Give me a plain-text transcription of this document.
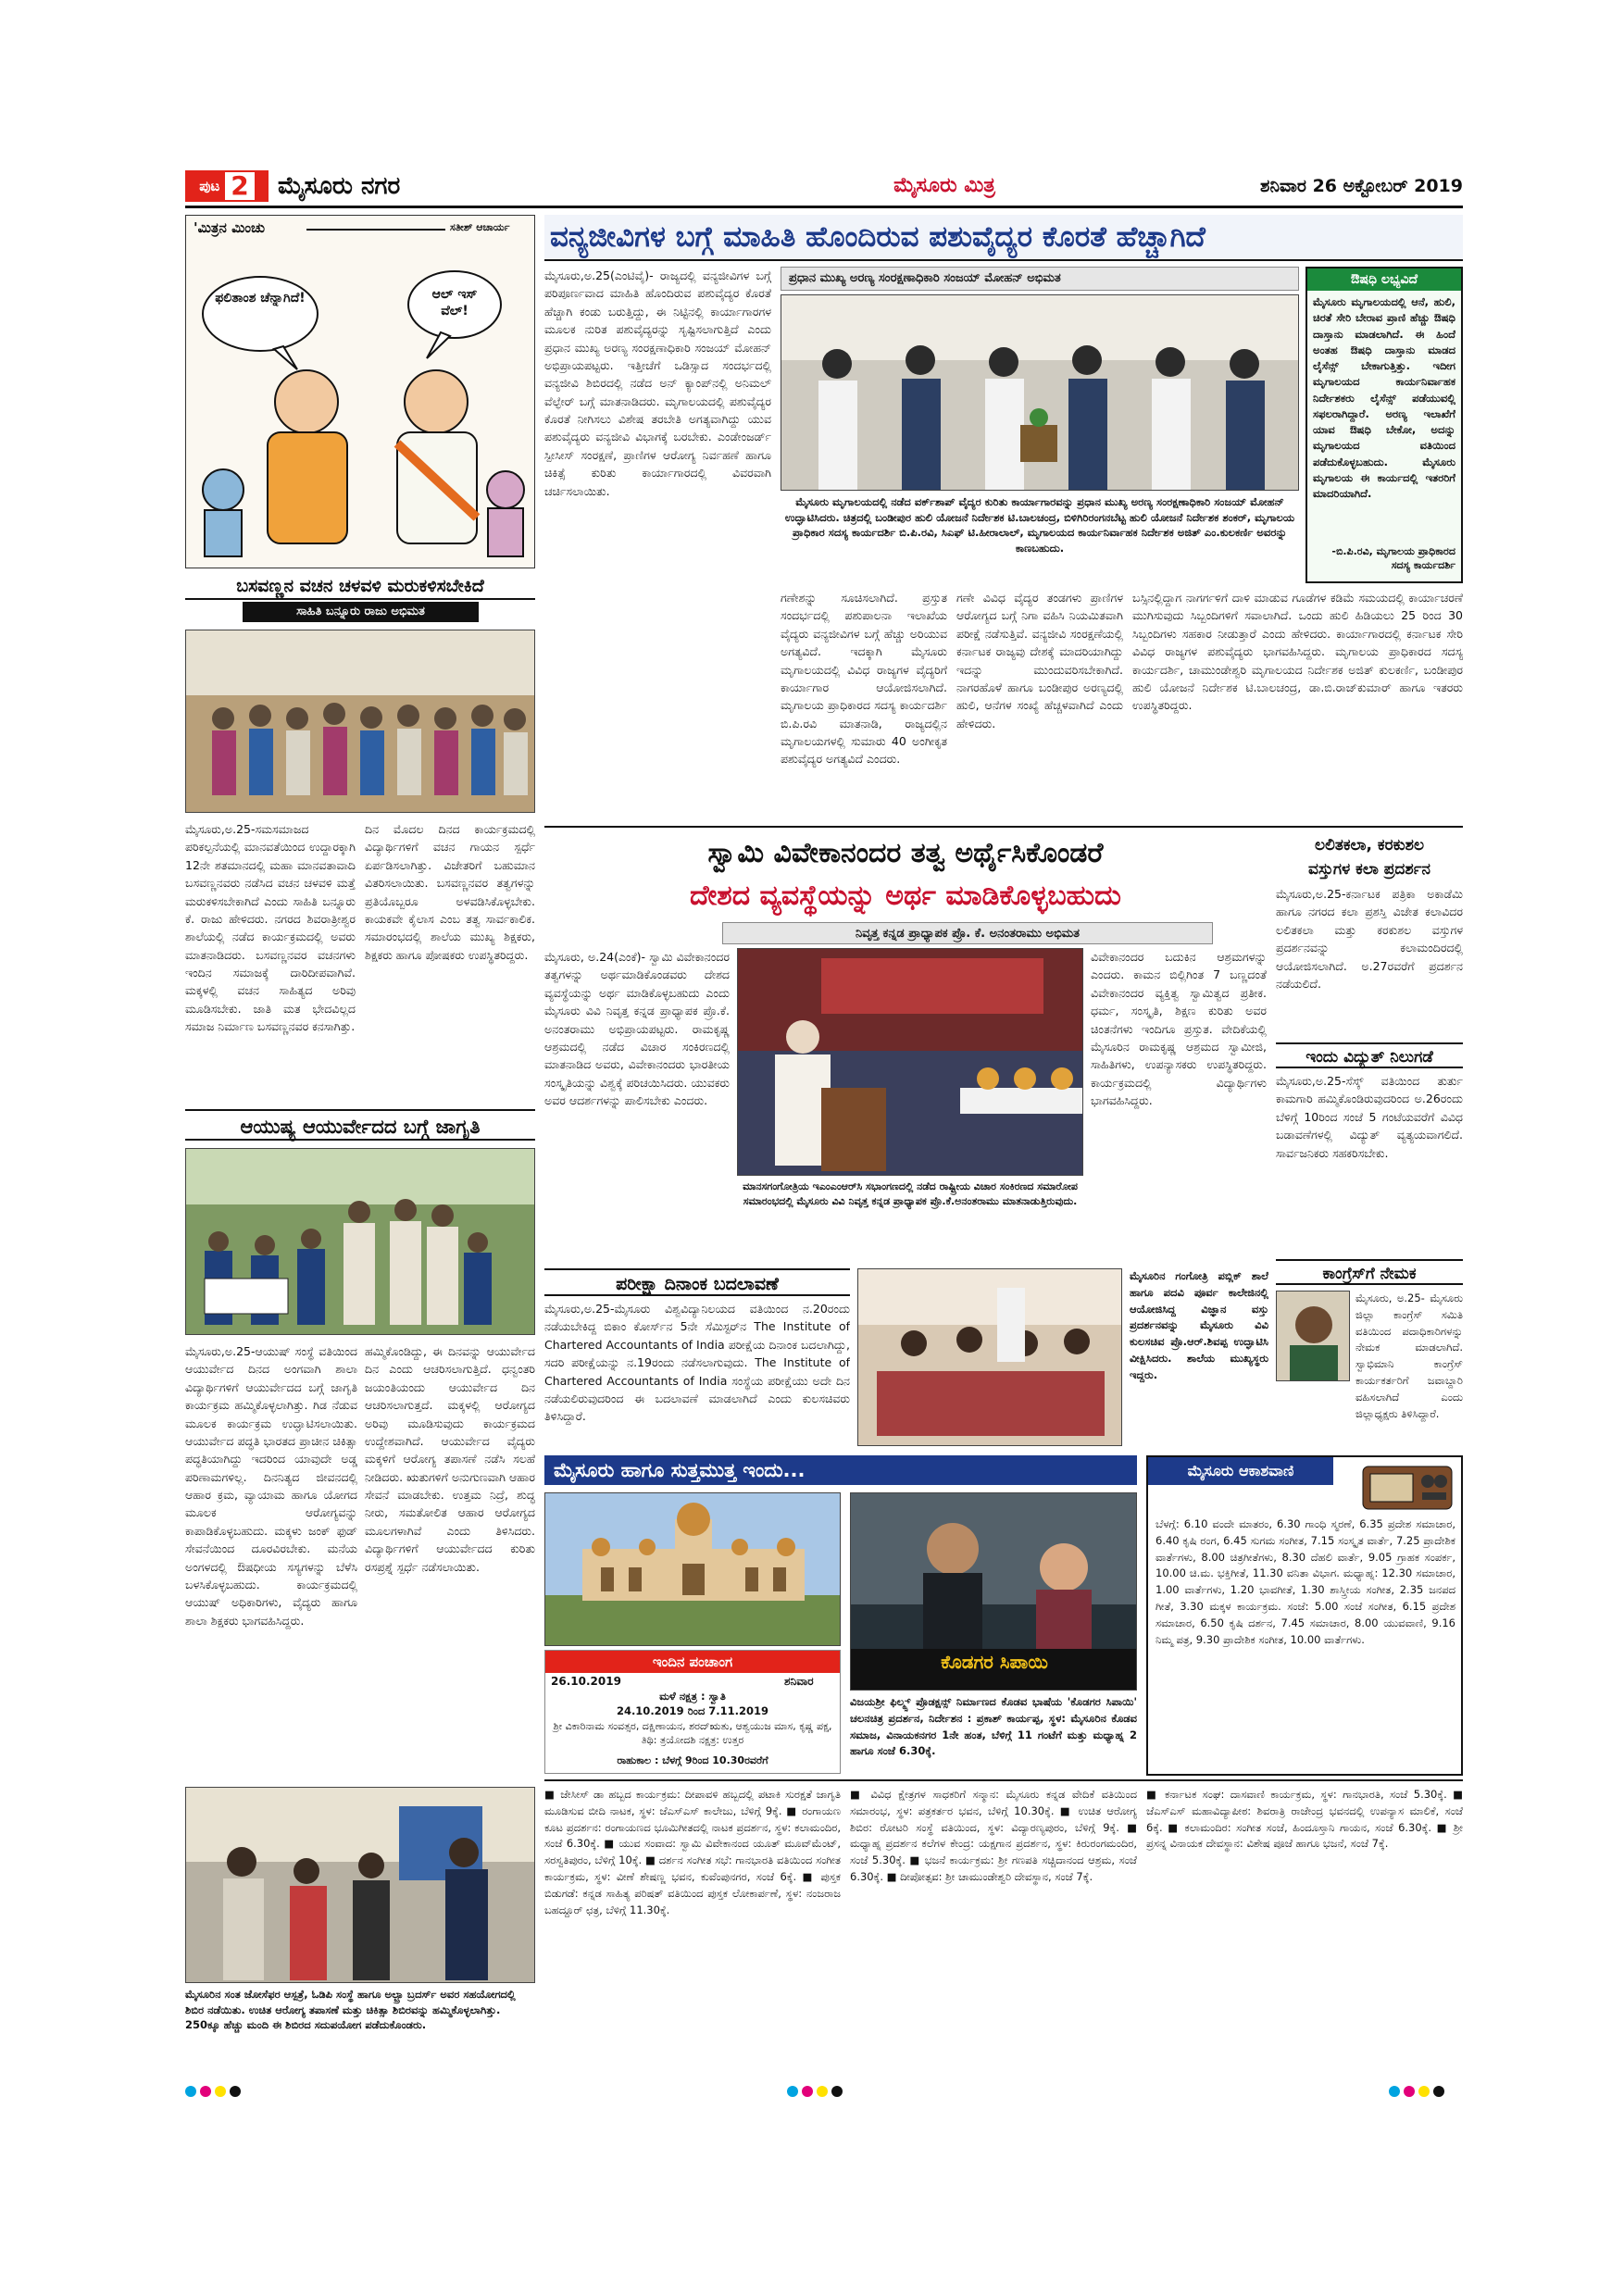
ಪುಟ 2 ಮೈಸೂರು ನಗರ	ಮೈಸೂರು ಮಿತ್ರ	ಶನಿವಾರ 26 ಅಕ್ಟೋಬರ್ 2019
'ಮಿತ್ರನ ಮಿಂಚು	ಸತೀಶ್ ಆಚಾರ್ಯ
ಫಲಿತಾಂಶ ಚೆನ್ನಾಗಿದೆ!	ಆಲ್ ಇಸ್ ವೆಲ್!
ಬಸವಣ್ಣನ ವಚನ ಚಳವಳಿ ಮರುಕಳಿಸಬೇಕಿದೆ
ಸಾಹಿತಿ ಬನ್ನೂರು ರಾಜು ಅಭಿಮತ
ಮೈಸೂರು,ಅ.25-ಸಮಸಮಾಜದ ಪರಿಕಲ್ಪನೆಯಲ್ಲಿ ಮಾನವತೆಯಿಂದ ಉದ್ದಾರಕ್ಕಾಗಿ 12ನೇ ಶತಮಾನದಲ್ಲಿ ಮಹಾ ಮಾನವತಾವಾದಿ ಬಸವಣ್ಣನವರು ನಡೆಸಿದ ವಚನ ಚಳವಳಿ ಮತ್ತೆ ಮರುಕಳಿಸಬೇಕಾಗಿದೆ ಎಂದು ಸಾಹಿತಿ ಬನ್ನೂರು ಕೆ. ರಾಜು ಹೇಳಿದರು. ನಗರದ ಶಿವರಾತ್ರೀಶ್ವರ ಶಾಲೆಯಲ್ಲಿ ನಡೆದ ಕಾರ್ಯಕ್ರಮದಲ್ಲಿ ಅವರು ಮಾತನಾಡಿದರು. ಬಸವಣ್ಣನವರ ವಚನಗಳು ಇಂದಿನ ಸಮಾಜಕ್ಕೆ ದಾರಿದೀಪವಾಗಿವೆ. ಮಕ್ಕಳಲ್ಲಿ ವಚನ ಸಾಹಿತ್ಯದ ಅರಿವು ಮೂಡಿಸಬೇಕು. ಜಾತಿ ಮತ ಭೇದವಿಲ್ಲದ ಸಮಾಜ ನಿರ್ಮಾಣ ಬಸವಣ್ಣನವರ ಕನಸಾಗಿತ್ತು.
ದಿನ ಮೊದಲ ದಿನದ ಕಾರ್ಯಕ್ರಮದಲ್ಲಿ ವಿದ್ಯಾರ್ಥಿಗಳಿಗೆ ವಚನ ಗಾಯನ ಸ್ಪರ್ಧೆ ಏರ್ಪಡಿಸಲಾಗಿತ್ತು. ವಿಜೇತರಿಗೆ ಬಹುಮಾನ ವಿತರಿಸಲಾಯಿತು. ಬಸವಣ್ಣನವರ ತತ್ವಗಳನ್ನು ಪ್ರತಿಯೊಬ್ಬರೂ ಅಳವಡಿಸಿಕೊಳ್ಳಬೇಕು. ಕಾಯಕವೇ ಕೈಲಾಸ ಎಂಬ ತತ್ವ ಸಾರ್ವಕಾಲಿಕ. ಸಮಾರಂಭದಲ್ಲಿ ಶಾಲೆಯ ಮುಖ್ಯ ಶಿಕ್ಷಕರು, ಶಿಕ್ಷಕರು ಹಾಗೂ ಪೋಷಕರು ಉಪಸ್ಥಿತರಿದ್ದರು.
ಆಯುಷ್ಯ ಆಯುರ್ವೇದದ ಬಗ್ಗೆ ಜಾಗೃತಿ
ಮೈಸೂರು,ಅ.25-ಆಯುಷ್ ಸಂಸ್ಥೆ ವತಿಯಿಂದ ಆಯುರ್ವೇದ ದಿನದ ಅಂಗವಾಗಿ ಶಾಲಾ ವಿದ್ಯಾರ್ಥಿಗಳಿಗೆ ಆಯುರ್ವೇದದ ಬಗ್ಗೆ ಜಾಗೃತಿ ಕಾರ್ಯಕ್ರಮ ಹಮ್ಮಿಕೊಳ್ಳಲಾಗಿತ್ತು. ಗಿಡ ನೆಡುವ ಮೂಲಕ ಕಾರ್ಯಕ್ರಮ ಉದ್ಘಾಟಿಸಲಾಯಿತು. ಆಯುರ್ವೇದ ಪದ್ಧತಿ ಭಾರತದ ಪ್ರಾಚೀನ ಚಿಕಿತ್ಸಾ ಪದ್ಧತಿಯಾಗಿದ್ದು ಇದರಿಂದ ಯಾವುದೇ ಅಡ್ಡ ಪರಿಣಾಮಗಳಿಲ್ಲ. ದಿನನಿತ್ಯದ ಜೀವನದಲ್ಲಿ ಆಹಾರ ಕ್ರಮ, ವ್ಯಾಯಾಮ ಹಾಗೂ ಯೋಗದ ಮೂಲಕ ಆರೋಗ್ಯವನ್ನು ಕಾಪಾಡಿಕೊಳ್ಳಬಹುದು. ಮಕ್ಕಳು ಜಂಕ್ ಫುಡ್ ಸೇವನೆಯಿಂದ ದೂರವಿರಬೇಕು. ಮನೆಯ ಅಂಗಳದಲ್ಲಿ ಔಷಧೀಯ ಸಸ್ಯಗಳನ್ನು ಬೆಳೆಸಿ ಬಳಸಿಕೊಳ್ಳಬಹುದು. ಕಾರ್ಯಕ್ರಮದಲ್ಲಿ ಆಯುಷ್ ಅಧಿಕಾರಿಗಳು, ವೈದ್ಯರು ಹಾಗೂ ಶಾಲಾ ಶಿಕ್ಷಕರು ಭಾಗವಹಿಸಿದ್ದರು.
ಹಮ್ಮಿಕೊಂಡಿದ್ದು, ಈ ದಿನವನ್ನು ಆಯುರ್ವೇದ ದಿನ ಎಂದು ಆಚರಿಸಲಾಗುತ್ತಿದೆ. ಧನ್ವಂತರಿ ಜಯಂತಿಯಂದು ಆಯುರ್ವೇದ ದಿನ ಆಚರಿಸಲಾಗುತ್ತದೆ. ಮಕ್ಕಳಲ್ಲಿ ಆರೋಗ್ಯದ ಅರಿವು ಮೂಡಿಸುವುದು ಕಾರ್ಯಕ್ರಮದ ಉದ್ದೇಶವಾಗಿದೆ. ಆಯುರ್ವೇದ ವೈದ್ಯರು ಮಕ್ಕಳಿಗೆ ಆರೋಗ್ಯ ತಪಾಸಣೆ ನಡೆಸಿ ಸಲಹೆ ನೀಡಿದರು. ಋತುಗಳಿಗೆ ಅನುಗುಣವಾಗಿ ಆಹಾರ ಸೇವನೆ ಮಾಡಬೇಕು. ಉತ್ತಮ ನಿದ್ರೆ, ಶುದ್ಧ ನೀರು, ಸಮತೋಲಿತ ಆಹಾರ ಆರೋಗ್ಯದ ಮೂಲಗಳಾಗಿವೆ ಎಂದು ತಿಳಿಸಿದರು. ವಿದ್ಯಾರ್ಥಿಗಳಿಗೆ ಆಯುರ್ವೇದದ ಕುರಿತು ರಸಪ್ರಶ್ನೆ ಸ್ಪರ್ಧೆ ನಡೆಸಲಾಯಿತು.
ಮೈಸೂರಿನ ಸಂತ ಜೋಸೆಫರ ಆಸ್ಪತ್ರೆ, ಓಡಿಪಿ ಸಂಸ್ಥೆ ಹಾಗೂ ಅಲ್ಟ್ರಾ ಬ್ರದರ್ಸ್ ಅವರ ಸಹಯೋಗದಲ್ಲಿ ಶಿಬಿರ ನಡೆಯಿತು. ಉಚಿತ ಆರೋಗ್ಯ ತಪಾಸಣೆ ಮತ್ತು ಚಿಕಿತ್ಸಾ ಶಿಬಿರವನ್ನು ಹಮ್ಮಿಕೊಳ್ಳಲಾಗಿತ್ತು. 250ಕ್ಕೂ ಹೆಚ್ಚು ಮಂದಿ ಈ ಶಿಬಿರದ ಸದುಪಯೋಗ ಪಡೆದುಕೊಂಡರು.
ವನ್ಯಜೀವಿಗಳ ಬಗ್ಗೆ ಮಾಹಿತಿ ಹೊಂದಿರುವ ಪಶುವೈದ್ಯರ ಕೊರತೆ ಹೆಚ್ಚಾಗಿದೆ
ಮೈಸೂರು,ಅ.25(ಎಂಟಿವೈ)- ರಾಜ್ಯದಲ್ಲಿ ವನ್ಯಜೀವಿಗಳ ಬಗ್ಗೆ ಪರಿಪೂರ್ಣವಾದ ಮಾಹಿತಿ ಹೊಂದಿರುವ ಪಶುವೈದ್ಯರ ಕೊರತೆ ಹೆಚ್ಚಾಗಿ ಕಂಡು ಬರುತ್ತಿದ್ದು, ಈ ನಿಟ್ಟಿನಲ್ಲಿ ಕಾರ್ಯಾಗಾರಗಳ ಮೂಲಕ ನುರಿತ ಪಶುವೈದ್ಯರನ್ನು ಸೃಷ್ಟಿಸಲಾಗುತ್ತಿದೆ ಎಂದು ಪ್ರಧಾನ ಮುಖ್ಯ ಅರಣ್ಯ ಸಂರಕ್ಷಣಾಧಿಕಾರಿ ಸಂಜಯ್ ಮೋಹನ್ ಅಭಿಪ್ರಾಯಪಟ್ಟರು. ಇತ್ತೀಚೆಗೆ ಒಡಿಸ್ಸಾದ ಸಂದರ್ಭದಲ್ಲಿ ವನ್ಯಜೀವಿ ಶಿಬಿರದಲ್ಲಿ ನಡೆದ ಅನ್ ಕ್ಯಾಂಪ್‌ನಲ್ಲಿ ಅನಿಮಲ್ ವೆಲ್ಫೇರ್ ಬಗ್ಗೆ ಮಾತನಾಡಿದರು. ಮೃಗಾಲಯದಲ್ಲಿ ಪಶುವೈದ್ಯರ ಕೊರತೆ ನೀಗಿಸಲು ವಿಶೇಷ ತರಬೇತಿ ಅಗತ್ಯವಾಗಿದ್ದು ಯುವ ಪಶುವೈದ್ಯರು ವನ್ಯಜೀವಿ ವಿಭಾಗಕ್ಕೆ ಬರಬೇಕು. ಎಂಡೇಂಜರ್ಡ್ ಸ್ಪೀಸೀಸ್ ಸಂರಕ್ಷಣೆ, ಪ್ರಾಣಿಗಳ ಆರೋಗ್ಯ ನಿರ್ವಹಣೆ ಹಾಗೂ ಚಿಕಿತ್ಸೆ ಕುರಿತು ಕಾರ್ಯಾಗಾರದಲ್ಲಿ ವಿವರವಾಗಿ ಚರ್ಚಿಸಲಾಯಿತು.
ಪ್ರಧಾನ ಮುಖ್ಯ ಅರಣ್ಯ ಸಂರಕ್ಷಣಾಧಿಕಾರಿ ಸಂಜಯ್ ಮೋಹನ್ ಅಭಿಮತ
ಮೈಸೂರು ಮೃಗಾಲಯದಲ್ಲಿ ನಡೆದ ವರ್ಕ್‌ಶಾಪ್ ವೈದ್ಯರ ಕುರಿತು ಕಾರ್ಯಾಗಾರವನ್ನು ಪ್ರಧಾನ ಮುಖ್ಯ ಅರಣ್ಯ ಸಂರಕ್ಷಣಾಧಿಕಾರಿ ಸಂಜಯ್ ಮೋಹನ್ ಉದ್ಘಾಟಿಸಿದರು. ಚಿತ್ರದಲ್ಲಿ ಬಂಡೀಪುರ ಹುಲಿ ಯೋಜನೆ ನಿರ್ದೇಶಕ ಟಿ.ಬಾಲಚಂದ್ರ, ಬಿಳಿಗಿರಿರಂಗನಬೆಟ್ಟ ಹುಲಿ ಯೋಜನೆ ನಿರ್ದೇಶಕ ಶಂಕರ್, ಮೃಗಾಲಯ ಪ್ರಾಧಿಕಾರ ಸದಸ್ಯ ಕಾರ್ಯದರ್ಶಿ ಬಿ.ಪಿ.ರವಿ, ಸಿಎಫ್ ಟಿ.ಹೀರಾಲಾಲ್, ಮೃಗಾಲಯದ ಕಾರ್ಯನಿರ್ವಾಹಕ ನಿರ್ದೇಶಕ ಅಜಿತ್ ಎಂ.ಕುಲಕರ್ಣಿ ಅವರನ್ನು ಕಾಣಬಹುದು.
ಔಷಧಿ ಲಭ್ಯವಿದೆ
ಮೈಸೂರು ಮೃಗಾಲಯದಲ್ಲಿ ಆನೆ, ಹುಲಿ, ಚಿರತೆ ಸೇರಿ ಬೇರಾವ ಪ್ರಾಣಿ ಹೆಚ್ಚು ಔಷಧಿ ದಾಸ್ತಾನು ಮಾಡಲಾಗಿದೆ. ಈ ಹಿಂದೆ ಅಂತಹ ಔಷಧಿ ದಾಸ್ತಾನು ಮಾಡದ ಲೈಸೆನ್ಸ್ ಬೇಕಾಗುತ್ತಿತ್ತು. ಇದೀಗ ಮೃಗಾಲಯದ ಕಾರ್ಯನಿರ್ವಾಹಕ ನಿರ್ದೇಶಕರು ಲೈಸೆನ್ಸ್ ಪಡೆಯುವಲ್ಲಿ ಸಫಲರಾಗಿದ್ದಾರೆ. ಅರಣ್ಯ ಇಲಾಖೆಗೆ ಯಾವ ಔಷಧಿ ಬೇಕೋ, ಅದನ್ನು ಮೃಗಾಲಯದ ವತಿಯಿಂದ ಪಡೆದುಕೊಳ್ಳಬಹುದು. ಮೈಸೂರು ಮೃಗಾಲಯ ಈ ಕಾರ್ಯದಲ್ಲಿ ಇತರರಿಗೆ ಮಾದರಿಯಾಗಿದೆ.
-ಬಿ.ಪಿ.ರವಿ, ಮೃಗಾಲಯ ಪ್ರಾಧಿಕಾರದ ಸದಸ್ಯ ಕಾರ್ಯದರ್ಶಿ
ಗಣೇಶನ್ನು ಸೂಚಿಸಲಾಗಿದೆ. ಪ್ರಸ್ತುತ ಸಂದರ್ಭದಲ್ಲಿ ಪಶುಪಾಲನಾ ಇಲಾಖೆಯ ವೈದ್ಯರು ವನ್ಯಜೀವಿಗಳ ಬಗ್ಗೆ ಹೆಚ್ಚು ಅರಿಯುವ ಅಗತ್ಯವಿದೆ. ಇದಕ್ಕಾಗಿ ಮೈಸೂರು ಮೃಗಾಲಯದಲ್ಲಿ ವಿವಿಧ ರಾಜ್ಯಗಳ ವೈದ್ಯರಿಗೆ ಕಾರ್ಯಾಗಾರ ಆಯೋಜಿಸಲಾಗಿದೆ. ಮೃಗಾಲಯ ಪ್ರಾಧಿಕಾರದ ಸದಸ್ಯ ಕಾರ್ಯದರ್ಶಿ ಬಿ.ಪಿ.ರವಿ ಮಾತನಾಡಿ, ರಾಜ್ಯದಲ್ಲಿನ ಮೃಗಾಲಯಗಳಲ್ಲಿ ಸುಮಾರು 40 ಅಂಗೀಕೃತ ಪಶುವೈದ್ಯರ ಅಗತ್ಯವಿದೆ ಎಂದರು.
ಗಣೇ ವಿವಿಧ ವೈದ್ಯರ ತಂಡಗಳು ಪ್ರಾಣಿಗಳ ಆರೋಗ್ಯದ ಬಗ್ಗೆ ನಿಗಾ ವಹಿಸಿ ನಿಯಮಿತವಾಗಿ ಪರೀಕ್ಷೆ ನಡೆಸುತ್ತಿವೆ. ವನ್ಯಜೀವಿ ಸಂರಕ್ಷಣೆಯಲ್ಲಿ ಕರ್ನಾಟಕ ರಾಜ್ಯವು ದೇಶಕ್ಕೆ ಮಾದರಿಯಾಗಿದ್ದು ಇದನ್ನು ಮುಂದುವರಿಸಬೇಕಾಗಿದೆ. ನಾಗರಹೊಳೆ ಹಾಗೂ ಬಂಡೀಪುರ ಅರಣ್ಯದಲ್ಲಿ ಹುಲಿ, ಆನೆಗಳ ಸಂಖ್ಯೆ ಹೆಚ್ಚಳವಾಗಿದೆ ಎಂದು ಹೇಳಿದರು.
ಬಸ್ಸಿನಲ್ಲಿದ್ದಾಗ ನಾಗರ್ಗಳಿಗೆ ದಾಳಿ ಮಾಡುವ ಗೂಡೆಗಳ ಕಡಿಮೆ ಸಮಯದಲ್ಲಿ ಕಾರ್ಯಾಚರಣೆ ಮುಗಿಸುವುದು ಸಿಬ್ಬಂದಿಗಳಿಗೆ ಸವಾಲಾಗಿದೆ. ಒಂದು ಹುಲಿ ಹಿಡಿಯಲು 25 ರಿಂದ 30 ಸಿಬ್ಬಂದಿಗಳು ಸಹಕಾರ ನೀಡುತ್ತಾರೆ ಎಂದು ಹೇಳಿದರು. ಕಾರ್ಯಾಗಾರದಲ್ಲಿ ಕರ್ನಾಟಕ ಸೇರಿ ವಿವಿಧ ರಾಜ್ಯಗಳ ಪಶುವೈದ್ಯರು ಭಾಗವಹಿಸಿದ್ದರು. ಮೃಗಾಲಯ ಪ್ರಾಧಿಕಾರದ ಸದಸ್ಯ ಕಾರ್ಯದರ್ಶಿ, ಚಾಮುಂಡೇಶ್ವರಿ ಮೃಗಾಲಯದ ನಿರ್ದೇಶಕ ಅಜಿತ್ ಕುಲಕರ್ಣಿ, ಬಂಡೀಪುರ ಹುಲಿ ಯೋಜನೆ ನಿರ್ದೇಶಕ ಟಿ.ಬಾಲಚಂದ್ರ, ಡಾ.ಬಿ.ರಾಜ್‌ಕುಮಾರ್ ಹಾಗೂ ಇತರರು ಉಪಸ್ಥಿತರಿದ್ದರು.
ಸ್ವಾಮಿ ವಿವೇಕಾನಂದರ ತತ್ವ ಅರ್ಥೈಸಿಕೊಂಡರೆ
ದೇಶದ ವ್ಯವಸ್ಥೆಯನ್ನು ಅರ್ಥ ಮಾಡಿಕೊಳ್ಳಬಹುದು
ನಿವೃತ್ತ ಕನ್ನಡ ಪ್ರಾಧ್ಯಾಪಕ ಪ್ರೊ. ಕೆ. ಅನಂತರಾಮು ಅಭಿಮತ
ಮೈಸೂರು, ಅ.24(ಎಂಕೆ)- ಸ್ವಾಮಿ ವಿವೇಕಾನಂದರ ತತ್ವಗಳನ್ನು ಅರ್ಥಮಾಡಿಕೊಂಡವರು ದೇಶದ ವ್ಯವಸ್ಥೆಯನ್ನು ಅರ್ಥ ಮಾಡಿಕೊಳ್ಳಬಹುದು ಎಂದು ಮೈಸೂರು ವಿವಿ ನಿವೃತ್ತ ಕನ್ನಡ ಪ್ರಾಧ್ಯಾಪಕ ಪ್ರೊ.ಕೆ. ಅನಂತರಾಮು ಅಭಿಪ್ರಾಯಪಟ್ಟರು. ರಾಮಕೃಷ್ಣ ಆಶ್ರಮದಲ್ಲಿ ನಡೆದ ವಿಚಾರ ಸಂಕಿರಣದಲ್ಲಿ ಮಾತನಾಡಿದ ಅವರು, ವಿವೇಕಾನಂದರು ಭಾರತೀಯ ಸಂಸ್ಕೃತಿಯನ್ನು ವಿಶ್ವಕ್ಕೆ ಪರಿಚಯಿಸಿದರು. ಯುವಕರು ಅವರ ಆದರ್ಶಗಳನ್ನು ಪಾಲಿಸಬೇಕು ಎಂದರು.
ಮಾನಸಗಂಗೋತ್ರಿಯ ಇಎಂಎಂಆರ್‌ಸಿ ಸಭಾಂಗಣದಲ್ಲಿ ನಡೆದ ರಾಷ್ಟ್ರೀಯ ವಿಚಾರ ಸಂಕಿರಣದ ಸಮಾರೋಪ ಸಮಾರಂಭದಲ್ಲಿ ಮೈಸೂರು ವಿವಿ ನಿವೃತ್ತ ಕನ್ನಡ ಪ್ರಾಧ್ಯಾಪಕ ಪ್ರೊ.ಕೆ.ಅನಂತರಾಮು ಮಾತನಾಡುತ್ತಿರುವುದು.
ವಿವೇಕಾನಂದರ ಬದುಕಿನ ಆಶ್ರಮಗಳನ್ನು ಎಂದರು. ಕಾಮನ ಬಿಲ್ಲಿಗಿಂತ 7 ಬಣ್ಣದಂತೆ ವಿವೇಕಾನಂದರ ವ್ಯಕ್ತಿತ್ವ ಸ್ವಾಮಿತ್ವದ ಪ್ರತೀಕ. ಧರ್ಮ, ಸಂಸ್ಕೃತಿ, ಶಿಕ್ಷಣ ಕುರಿತು ಅವರ ಚಿಂತನೆಗಳು ಇಂದಿಗೂ ಪ್ರಸ್ತುತ. ವೇದಿಕೆಯಲ್ಲಿ ಮೈಸೂರಿನ ರಾಮಕೃಷ್ಣ ಆಶ್ರಮದ ಸ್ವಾಮೀಜಿ, ಸಾಹಿತಿಗಳು, ಉಪನ್ಯಾಸಕರು ಉಪಸ್ಥಿತರಿದ್ದರು. ಕಾರ್ಯಕ್ರಮದಲ್ಲಿ ವಿದ್ಯಾರ್ಥಿಗಳು ಭಾಗವಹಿಸಿದ್ದರು.
ಲಲಿತಕಲಾ, ಕರಕುಶಲ
ವಸ್ತುಗಳ ಕಲಾ ಪ್ರದರ್ಶನ
ಮೈಸೂರು,ಅ.25-ಕರ್ನಾಟಕ ಪತ್ರಿಕಾ ಅಕಾಡೆಮಿ ಹಾಗೂ ನಗರದ ಕಲಾ ಪ್ರಶಸ್ತಿ ವಿಜೇತ ಕಲಾವಿದರ ಲಲಿತಕಲಾ ಮತ್ತು ಕರಕುಶಲ ವಸ್ತುಗಳ ಪ್ರದರ್ಶನವನ್ನು ಕಲಾಮಂದಿರದಲ್ಲಿ ಆಯೋಜಿಸಲಾಗಿದೆ. ಅ.27ರವರೆಗೆ ಪ್ರದರ್ಶನ ನಡೆಯಲಿದೆ.
ಇಂದು ವಿದ್ಯುತ್ ನಿಲುಗಡೆ
ಮೈಸೂರು,ಅ.25-ಸೆಸ್ಕ್ ವತಿಯಿಂದ ತುರ್ತು ಕಾಮಗಾರಿ ಹಮ್ಮಿಕೊಂಡಿರುವುದರಿಂದ ಅ.26ರಂದು ಬೆಳಿಗ್ಗೆ 10ರಿಂದ ಸಂಜೆ 5 ಗಂಟೆಯವರೆಗೆ ವಿವಿಧ ಬಡಾವಣೆಗಳಲ್ಲಿ ವಿದ್ಯುತ್ ವ್ಯತ್ಯಯವಾಗಲಿದೆ. ಸಾರ್ವಜನಿಕರು ಸಹಕರಿಸಬೇಕು.
ಕಾಂಗ್ರೆಸ್‌ಗೆ ನೇಮಕ
ಮೈಸೂರು, ಅ.25- ಮೈಸೂರು ಜಿಲ್ಲಾ ಕಾಂಗ್ರೆಸ್ ಸಮಿತಿ ವತಿಯಿಂದ ಪದಾಧಿಕಾರಿಗಳನ್ನು ನೇಮಕ ಮಾಡಲಾಗಿದೆ. ಸ್ವಾಭಿಮಾನಿ ಕಾಂಗ್ರೆಸ್ ಕಾರ್ಯಕರ್ತರಿಗೆ ಜವಾಬ್ದಾರಿ ವಹಿಸಲಾಗಿದೆ ಎಂದು ಜಿಲ್ಲಾಧ್ಯಕ್ಷರು ತಿಳಿಸಿದ್ದಾರೆ.
ಪರೀಕ್ಷಾ ದಿನಾಂಕ ಬದಲಾವಣೆ
ಮೈಸೂರು,ಅ.25-ಮೈಸೂರು ವಿಶ್ವವಿದ್ಯಾನಿಲಯದ ವತಿಯಿಂದ ನ.20ರಂದು ನಡೆಯಬೇಕಿದ್ದ ಬಿಕಾಂ ಕೋರ್ಸ್‌ನ 5ನೇ ಸೆಮಿಸ್ಟರ್‌ನ The Institute of Chartered Accountants of India ಪರೀಕ್ಷೆಯ ದಿನಾಂಕ ಬದಲಾಗಿದ್ದು, ಸದರಿ ಪರೀಕ್ಷೆಯನ್ನು ನ.19ರಂದು ನಡೆಸಲಾಗುವುದು. The Institute of Chartered Accountants of India ಸಂಸ್ಥೆಯ ಪರೀಕ್ಷೆಯು ಅದೇ ದಿನ ನಡೆಯಲಿರುವುದರಿಂದ ಈ ಬದಲಾವಣೆ ಮಾಡಲಾಗಿದೆ ಎಂದು ಕುಲಸಚಿವರು ತಿಳಿಸಿದ್ದಾರೆ.
ಮೈಸೂರಿನ ಗಂಗೋತ್ರಿ ಪಬ್ಲಿಕ್ ಶಾಲೆ ಹಾಗೂ ಪದವಿ ಪೂರ್ವ ಕಾಲೇಜಿನಲ್ಲಿ ಆಯೋಜಿಸಿದ್ದ ವಿಜ್ಞಾನ ವಸ್ತು ಪ್ರದರ್ಶನವನ್ನು ಮೈಸೂರು ವಿವಿ ಕುಲಸಚಿವ ಪ್ರೊ.ಆರ್.ಶಿವಪ್ಪ ಉದ್ಘಾಟಿಸಿ ವೀಕ್ಷಿಸಿದರು. ಶಾಲೆಯ ಮುಖ್ಯಸ್ಥರು ಇದ್ದರು.
ಮೈಸೂರು ಹಾಗೂ ಸುತ್ತಮುತ್ತ ಇಂದು...
ಇಂದಿನ ಪಂಚಾಂಗ
26.10.2019	ಶನಿವಾರ
ಮಳೆ ನಕ್ಷತ್ರ : ಸ್ವಾತಿ
24.10.2019 ರಿಂದ 7.11.2019
ಶ್ರೀ ವಿಕಾರಿನಾಮ ಸಂವತ್ಸರ, ದಕ್ಷಿಣಾಯನ, ಶರದ್ಋತು, ಆಶ್ವಯುಜ ಮಾಸ, ಕೃಷ್ಣ ಪಕ್ಷ, ತಿಥಿ: ತ್ರಯೋದಶಿ ನಕ್ಷತ್ರ: ಉತ್ತರ
ರಾಹುಕಾಲ : ಬೆಳಗ್ಗೆ 9ರಿಂದ 10.30ರವರೆಗೆ
ಕೊಡಗರ ಸಿಪಾಯಿ
ವಿಜಯಶ್ರೀ ಫಿಲ್ಮ್ಸ್ ಪ್ರೊಡಕ್ಷನ್ಸ್ ನಿರ್ಮಾಣದ ಕೊಡವ ಭಾಷೆಯ 'ಕೊಡಗರ ಸಿಪಾಯಿ' ಚಲನಚಿತ್ರ ಪ್ರದರ್ಶನ, ನಿರ್ದೇಶನ : ಪ್ರಕಾಶ್ ಕಾರ್ಯಪ್ಪ, ಸ್ಥಳ: ಮೈಸೂರಿನ ಕೊಡವ ಸಮಾಜ, ವಿನಾಯಕನಗರ 1ನೇ ಹಂತ, ಬೆಳಿಗ್ಗೆ 11 ಗಂಟೆಗೆ ಮತ್ತು ಮಧ್ಯಾಹ್ನ 2 ಹಾಗೂ ಸಂಜೆ 6.30ಕ್ಕೆ.
■ ಜೇಸೀಸ್ ಡಾ ಹಬ್ಬದ ಕಾರ್ಯಕ್ರಮ: ದೀಪಾವಳಿ ಹಬ್ಬದಲ್ಲಿ ಪಟಾಕಿ ಸುರಕ್ಷತೆ ಜಾಗೃತಿ ಮೂಡಿಸುವ ಬೀದಿ ನಾಟಕ, ಸ್ಥಳ: ಜೆಎಸ್ಎಸ್ ಕಾಲೇಜು, ಬೆಳಿಗ್ಗೆ 9ಕ್ಕೆ. ■ ರಂಗಾಯಣ ಕೂಟ ಪ್ರದರ್ಶನ: ರಂಗಾಯಣದ ಭೂಮಿಗೀತದಲ್ಲಿ ನಾಟಕ ಪ್ರದರ್ಶನ, ಸ್ಥಳ: ಕಲಾಮಂದಿರ, ಸಂಜೆ 6.30ಕ್ಕೆ. ■ ಯುವ ಸಂವಾದ: ಸ್ವಾಮಿ ವಿವೇಕಾನಂದ ಯೂತ್ ಮೂವ್‌ಮೆಂಟ್, ಸರಸ್ವತಿಪುರಂ, ಬೆಳಿಗ್ಗೆ 10ಕ್ಕೆ. ■ ದರ್ಶನ ಸಂಗೀತ ಸಭೆ: ಗಾನಭಾರತಿ ವತಿಯಿಂದ ಸಂಗೀತ ಕಾರ್ಯಕ್ರಮ, ಸ್ಥಳ: ವೀಣೆ ಶೇಷಣ್ಣ ಭವನ, ಕುವೆಂಪುನಗರ, ಸಂಜೆ 6ಕ್ಕೆ. ■ ಪುಸ್ತಕ ಬಿಡುಗಡೆ: ಕನ್ನಡ ಸಾಹಿತ್ಯ ಪರಿಷತ್ ವತಿಯಿಂದ ಪುಸ್ತಕ ಲೋಕಾರ್ಪಣೆ, ಸ್ಥಳ: ನಂಜರಾಜ ಬಹದ್ದೂರ್ ಛತ್ರ, ಬೆಳಿಗ್ಗೆ 11.30ಕ್ಕೆ.
■ ವಿವಿಧ ಕ್ಷೇತ್ರಗಳ ಸಾಧಕರಿಗೆ ಸನ್ಮಾನ: ಮೈಸೂರು ಕನ್ನಡ ವೇದಿಕೆ ವತಿಯಿಂದ ಸಮಾರಂಭ, ಸ್ಥಳ: ಪತ್ರಕರ್ತರ ಭವನ, ಬೆಳಿಗ್ಗೆ 10.30ಕ್ಕೆ. ■ ಉಚಿತ ಆರೋಗ್ಯ ಶಿಬಿರ: ರೋಟರಿ ಸಂಸ್ಥೆ ವತಿಯಿಂದ, ಸ್ಥಳ: ವಿದ್ಯಾರಣ್ಯಪುರಂ, ಬೆಳಿಗ್ಗೆ 9ಕ್ಕೆ. ■ ಮಧ್ಯಾಹ್ನ ಪ್ರದರ್ಶನ ಕಲೆಗಳ ಕೇಂದ್ರ: ಯಕ್ಷಗಾನ ಪ್ರದರ್ಶನ, ಸ್ಥಳ: ಕಿರುರಂಗಮಂದಿರ, ಸಂಜೆ 5.30ಕ್ಕೆ. ■ ಭಜನೆ ಕಾರ್ಯಕ್ರಮ: ಶ್ರೀ ಗಣಪತಿ ಸಚ್ಚಿದಾನಂದ ಆಶ್ರಮ, ಸಂಜೆ 6.30ಕ್ಕೆ. ■ ದೀಪೋತ್ಸವ: ಶ್ರೀ ಚಾಮುಂಡೇಶ್ವರಿ ದೇವಸ್ಥಾನ, ಸಂಜೆ 7ಕ್ಕೆ.
■ ಕರ್ನಾಟಕ ಸಂಘ: ದಾಸವಾಣಿ ಕಾರ್ಯಕ್ರಮ, ಸ್ಥಳ: ಗಾನಭಾರತಿ, ಸಂಜೆ 5.30ಕ್ಕೆ. ■ ಜೆಎಸ್ಎಸ್ ಮಹಾವಿದ್ಯಾಪೀಠ: ಶಿವರಾತ್ರಿ ರಾಜೇಂದ್ರ ಭವನದಲ್ಲಿ ಉಪನ್ಯಾಸ ಮಾಲಿಕೆ, ಸಂಜೆ 6ಕ್ಕೆ. ■ ಕಲಾಮಂದಿರ: ಸಂಗೀತ ಸಂಜೆ, ಹಿಂದೂಸ್ತಾನಿ ಗಾಯನ, ಸಂಜೆ 6.30ಕ್ಕೆ. ■ ಶ್ರೀ ಪ್ರಸನ್ನ ವಿನಾಯಕ ದೇವಸ್ಥಾನ: ವಿಶೇಷ ಪೂಜೆ ಹಾಗೂ ಭಜನೆ, ಸಂಜೆ 7ಕ್ಕೆ.
ಮೈಸೂರು ಆಕಾಶವಾಣಿ
ಬೆಳಗ್ಗೆ: 6.10 ವಂದೇ ಮಾತರಂ, 6.30 ಗಾಂಧಿ ಸ್ಮರಣೆ, 6.35 ಪ್ರದೇಶ ಸಮಾಚಾರ, 6.40 ಕೃಷಿ ರಂಗ, 6.45 ಸುಗಮ ಸಂಗೀತ, 7.15 ಸಂಸ್ಕೃತ ವಾರ್ತೆ, 7.25 ಪ್ರಾದೇಶಿಕ ವಾರ್ತೆಗಳು, 8.00 ಚಿತ್ರಗೀತೆಗಳು, 8.30 ದೆಹಲಿ ವಾರ್ತೆ, 9.05 ಗ್ರಾಹಕ ಸಂಪರ್ಕ, 10.00 ಚಿ.ಮ. ಭಕ್ತಿಗೀತೆ, 11.30 ವನಿತಾ ವಿಭಾಗ. ಮಧ್ಯಾಹ್ನ: 12.30 ಸಮಾಚಾರ, 1.00 ವಾರ್ತೆಗಳು, 1.20 ಭಾವಗೀತೆ, 1.30 ಶಾಸ್ತ್ರೀಯ ಸಂಗೀತ, 2.35 ಜನಪದ ಗೀತೆ, 3.30 ಮಕ್ಕಳ ಕಾರ್ಯಕ್ರಮ. ಸಂಜೆ: 5.00 ಸಂಜೆ ಸಂಗೀತ, 6.15 ಪ್ರದೇಶ ಸಮಾಚಾರ, 6.50 ಕೃಷಿ ದರ್ಶನ, 7.45 ಸಮಾಚಾರ, 8.00 ಯುವವಾಣಿ, 9.16 ನಿಮ್ಮ ಪತ್ರ, 9.30 ಪ್ರಾದೇಶಿಕ ಸಂಗೀತ, 10.00 ವಾರ್ತೆಗಳು.
